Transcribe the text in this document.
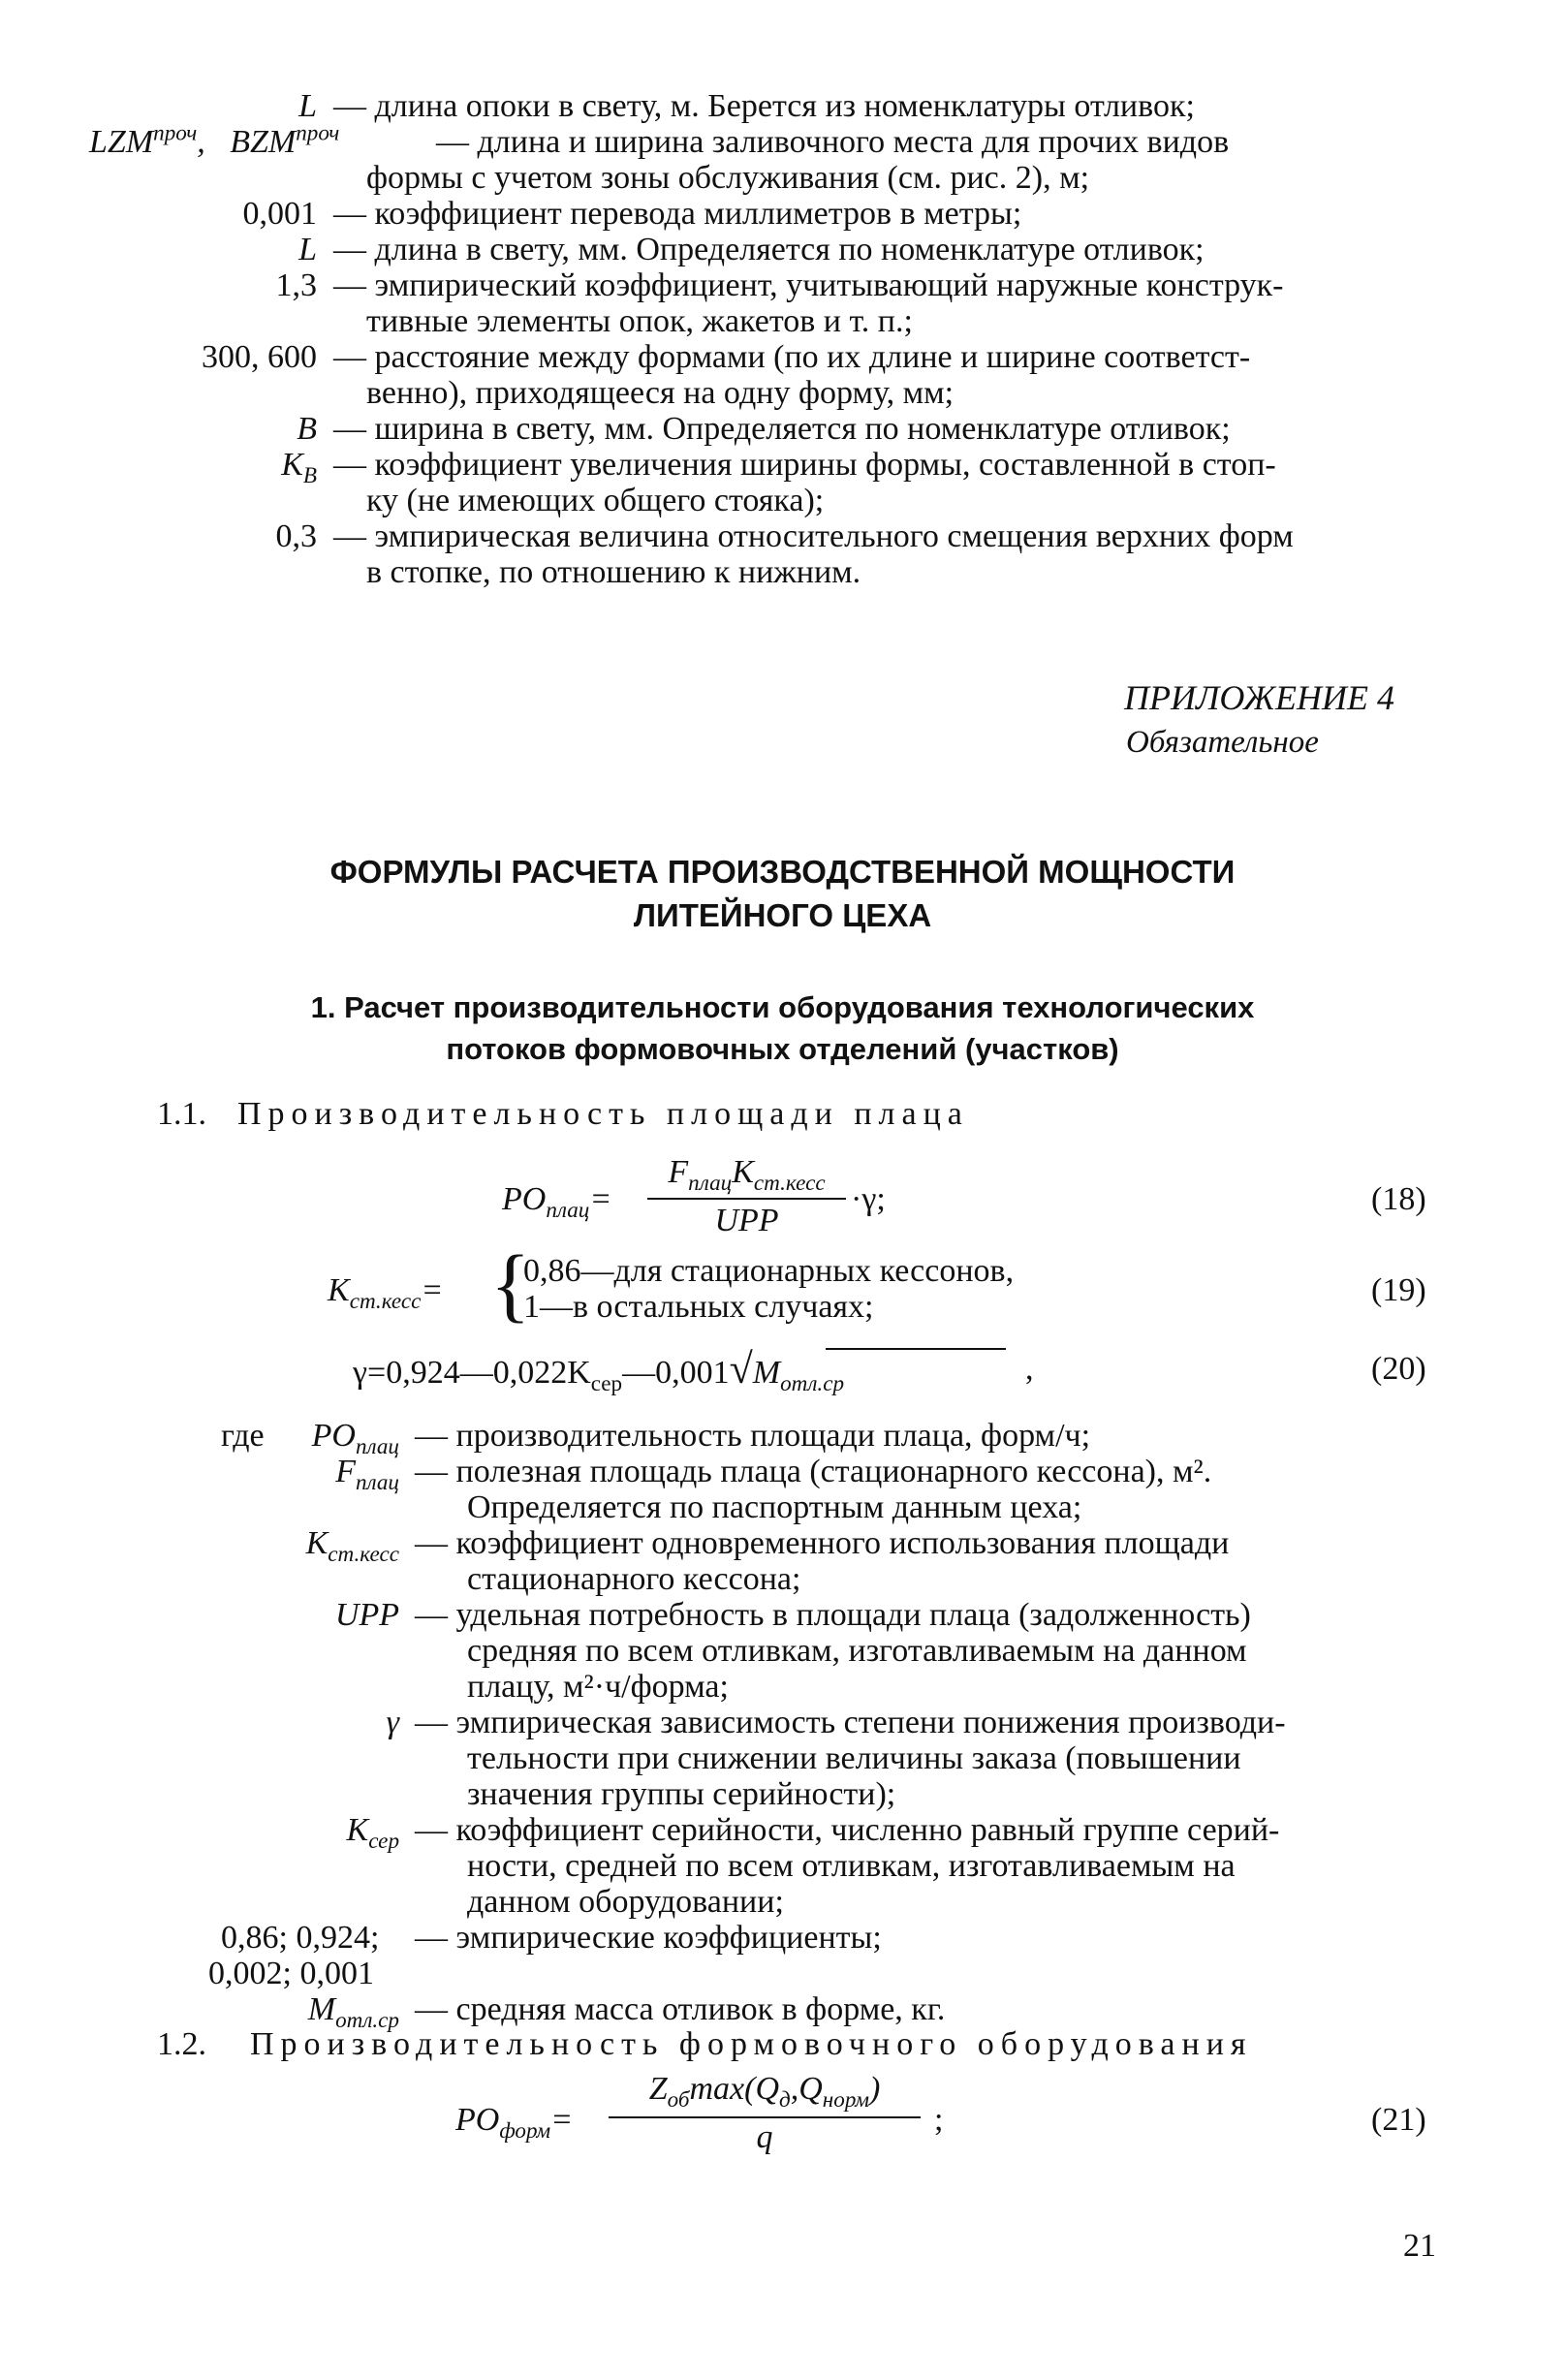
L — длина опоки в свету, м. Берется из номенклатуры отливок;
$LZM^{проч}$,   $BZM^{проч}$	— длина и ширина заливочного места для прочих видов
формы с учетом зоны обслуживания (см. рис. 2), м;
0,001 — коэффициент перевода миллиметров в метры;
L — длина в свету, мм. Определяется по номенклатуре отливок;
1,3 — эмпирический коэффициент, учитывающий наружные конструк-
тивные элементы опок, жакетов и т. п.;
300, 600 — расстояние между формами (по их длине и ширине соответст-
венно), приходящееся на одну форму, мм;
B — ширина в свету, мм. Определяется по номенклатуре отливок;
$K_B$ — коэффициент увеличения ширины формы, составленной в стоп-
ку (не имеющих общего стояка);
0,3 — эмпирическая величина относительного смещения верхних форм
в стопке, по отношению к нижним.
ПРИЛОЖЕНИЕ 4
Обязательное
ФОРМУЛЫ РАСЧЕТА ПРОИЗВОДСТВЕННОЙ МОЩНОСТИ
ЛИТЕЙНОГО ЦЕХА
1. Расчет производительности оборудования технологических
потоков формовочных отделений (участков)
1.1. Производительность площади плаца
$PO_{плац}=$
$F_{плац}K_{ст.кесс}$
UPP
·γ;	(18)
$K_{ст.кесс}=$ {
0,86—для стационарных кессонов,
1—в остальных случаях;	(19)
$\gamma=0,924—0,022K_{сер}—0,001√M_{отл.ср}$	,	(20)
где	$PO_{плац}$ — производительность площади плаца, форм/ч;
$F_{плац}$ — полезная площадь плаца (стационарного кессона), м².
Определяется по паспортным данным цеха;
$K_{ст.кесс}$ — коэффициент одновременного использования площади
стационарного кессона;
UPP — удельная потребность в площади плаца (задолженность)
средняя по всем отливкам, изготавливаемым на данном
плацу, м²·ч/форма;
γ — эмпирическая зависимость степени понижения производи-
тельности при снижении величины заказа (повышении
значения группы серийности);
$K_{сер}$ — коэффициент серийности, численно равный группе серий-
ности, средней по всем отливкам, изготавливаемым на
данном оборудовании;
0,86; 0,924; — эмпирические коэффициенты;
0,002; 0,001
$M_{отл.ср}$ — средняя масса отливок в форме, кг.
1.2. Производительность формовочного оборудования
$PO_{форм}=$
$Z_{об}\max(Q_д,Q_{норм})$
q	;	(21)
21
